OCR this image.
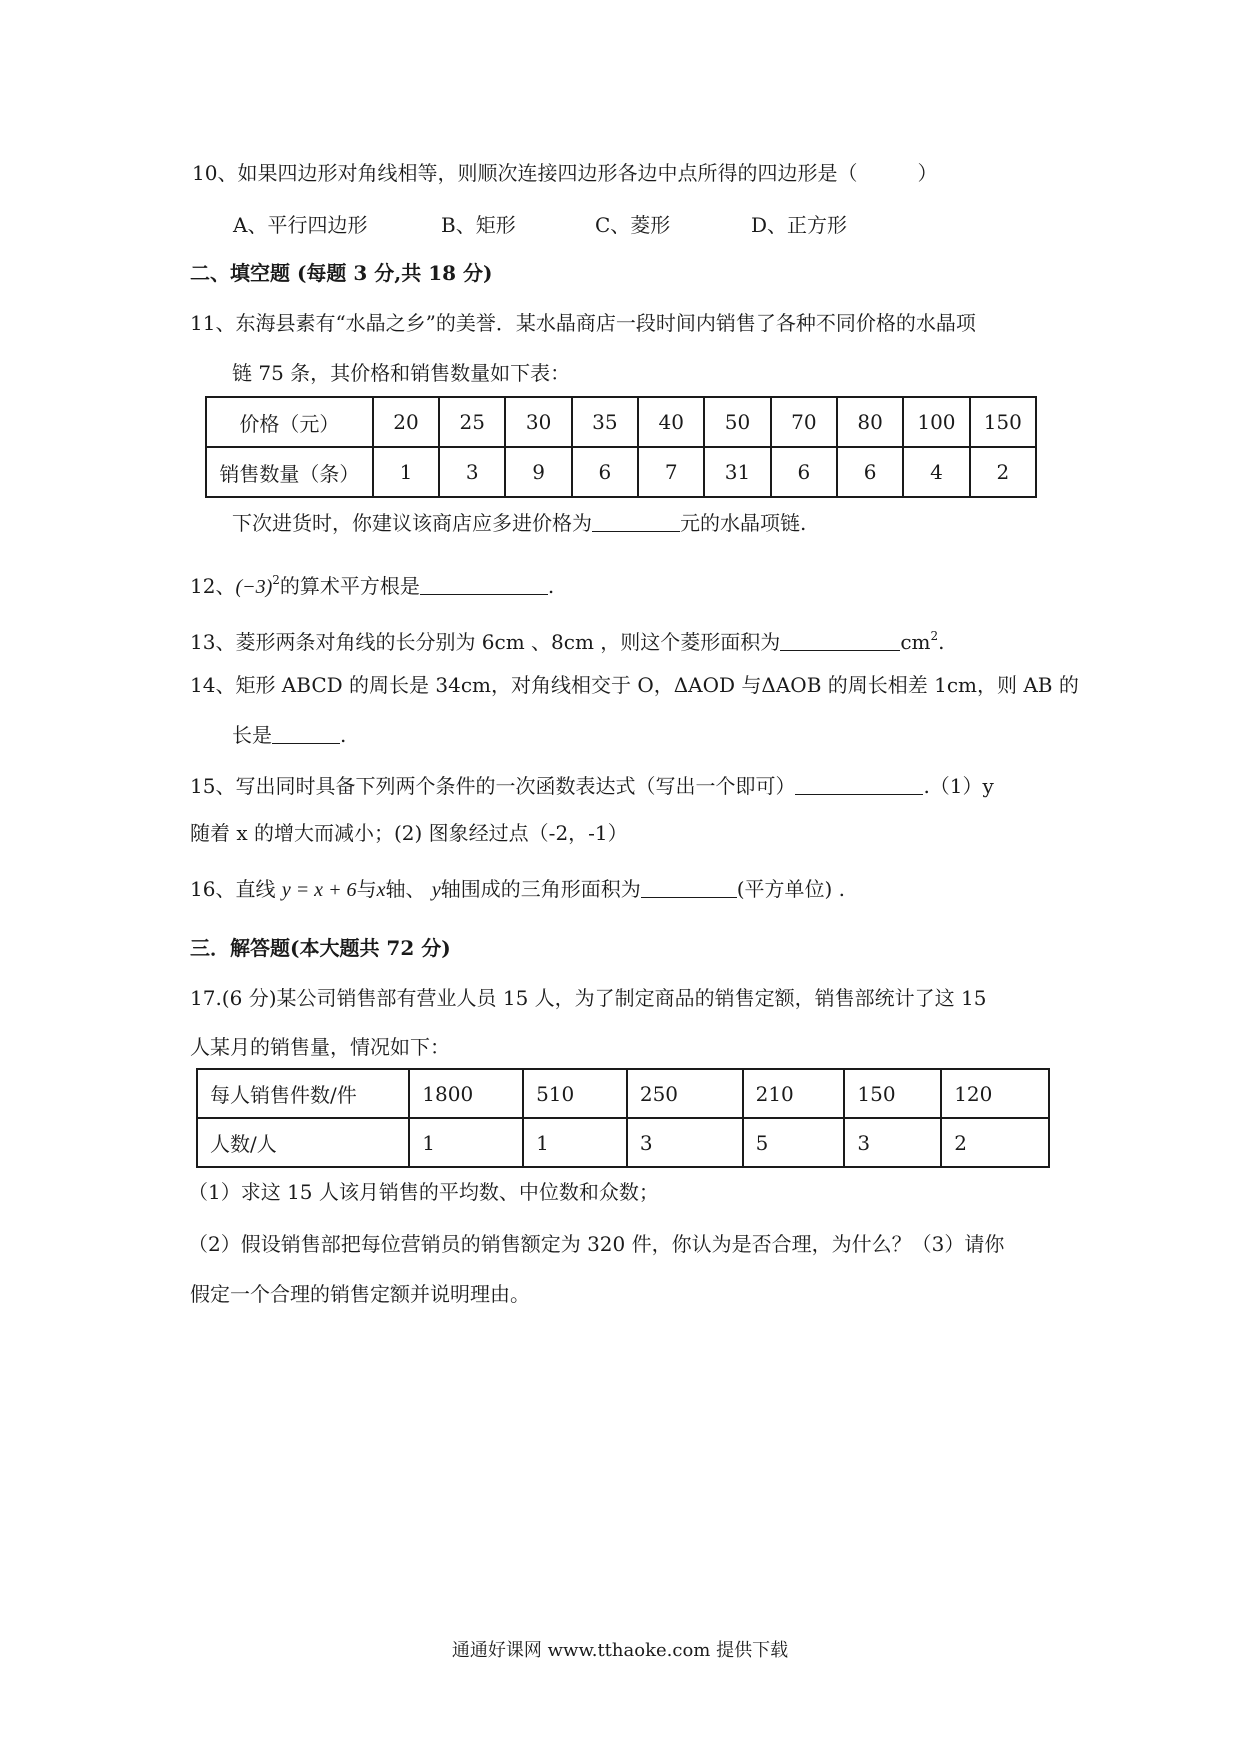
10、如果四边形对角线相等，则顺次连接四边形各边中点所得的四边形是（　　　）
A、平行四边形	B、矩形	C、菱形	D、正方形
二、填空题 (每题 3 分,共 18 分)
11、东海县素有“水晶之乡”的美誉．某水晶商店一段时间内销售了各种不同价格的水晶项
链 75 条，其价格和销售数量如下表：
价格（元）	20	25	30	35	40	50	70	80	100	150
销售数量（条）	1	3	9	6	7	31	6	6	4	2
下次进货时，你建议该商店应多进价格为	元的水晶项链.
12、$(-3)^2$的算术平方根是	.
13、菱形两条对角线的长分别为 6cm 、8cm ，则这个菱形面积为	$cm^2$.
14、矩形 ABCD 的周长是 34cm，对角线相交于 O，ΔAOD 与ΔAOB 的周长相差 1cm，则 AB 的
长是	.
15、写出同时具备下列两个条件的一次函数表达式（写出一个即可）	.（1）y
随着 x 的增大而减小；(2) 图象经过点（-2，-1）
16、直线 y = x + 6与x轴、 y轴围成的三角形面积为	(平方单位) .
三．解答题(本大题共 72 分)
17.(6 分)某公司销售部有营业人员 15 人，为了制定商品的销售定额，销售部统计了这 15
人某月的销售量，情况如下：
每人销售件数/件	1800	510	250	210	150	120
人数/人	1	1	3	5	3	2
（1）求这 15 人该月销售的平均数、中位数和众数；
（2）假设销售部把每位营销员的销售额定为 320 件，你认为是否合理，为什么？（3）请你
假定一个合理的销售定额并说明理由。
通通好课网 www.tthaoke.com 提供下载
